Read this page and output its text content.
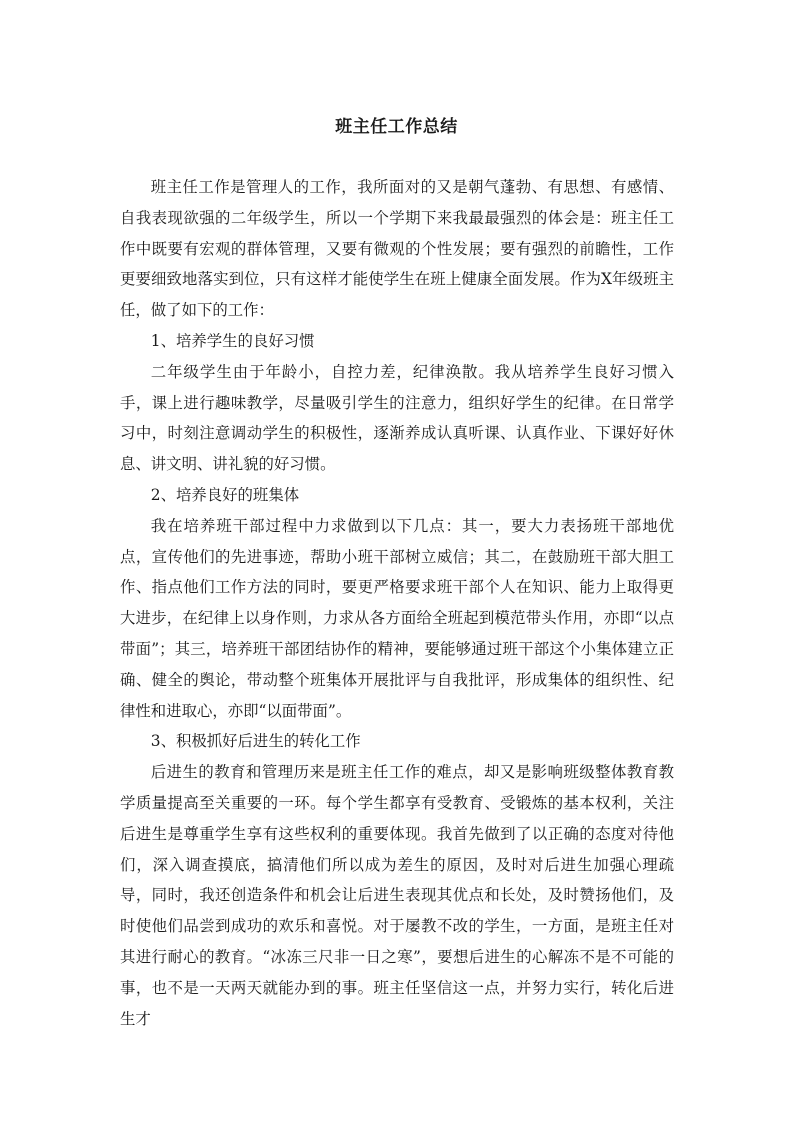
班主任工作总结

班主任工作是管理人的工作，我所面对的又是朝气蓬勃、有思想、有感情、自我表现欲强的二年级学生，所以一个学期下来我最最强烈的体会是：班主任工作中既要有宏观的群体管理，又要有微观的个性发展；要有强烈的前瞻性，工作更要细致地落实到位，只有这样才能使学生在班上健康全面发展。作为X年级班主任，做了如下的工作：

1、培养学生的良好习惯

二年级学生由于年龄小，自控力差，纪律涣散。我从培养学生良好习惯入手，课上进行趣味教学，尽量吸引学生的注意力，组织好学生的纪律。在日常学习中，时刻注意调动学生的积极性，逐渐养成认真听课、认真作业、下课好好休息、讲文明、讲礼貌的好习惯。

2、培养良好的班集体

我在培养班干部过程中力求做到以下几点：其一，要大力表扬班干部地优点，宣传他们的先进事迹，帮助小班干部树立威信；其二，在鼓励班干部大胆工作、指点他们工作方法的同时，要更严格要求班干部个人在知识、能力上取得更大进步，在纪律上以身作则，力求从各方面给全班起到模范带头作用，亦即“以点带面”；其三，培养班干部团结协作的精神，要能够通过班干部这个小集体建立正确、健全的舆论，带动整个班集体开展批评与自我批评，形成集体的组织性、纪律性和进取心，亦即“以面带面”。

3、积极抓好后进生的转化工作

后进生的教育和管理历来是班主任工作的难点，却又是影响班级整体教育教学质量提高至关重要的一环。每个学生都享有受教育、受锻炼的基本权利，关注后进生是尊重学生享有这些权利的重要体现。我首先做到了以正确的态度对待他们，深入调查摸底，搞清他们所以成为差生的原因，及时对后进生加强心理疏导，同时，我还创造条件和机会让后进生表现其优点和长处，及时赞扬他们，及时使他们品尝到成功的欢乐和喜悦。对于屡教不改的学生，一方面，是班主任对其进行耐心的教育。“冰冻三尺非一日之寒”，要想后进生的心解冻不是不可能的事，也不是一天两天就能办到的事。班主任坚信这一点，并努力实行，转化后进生才
